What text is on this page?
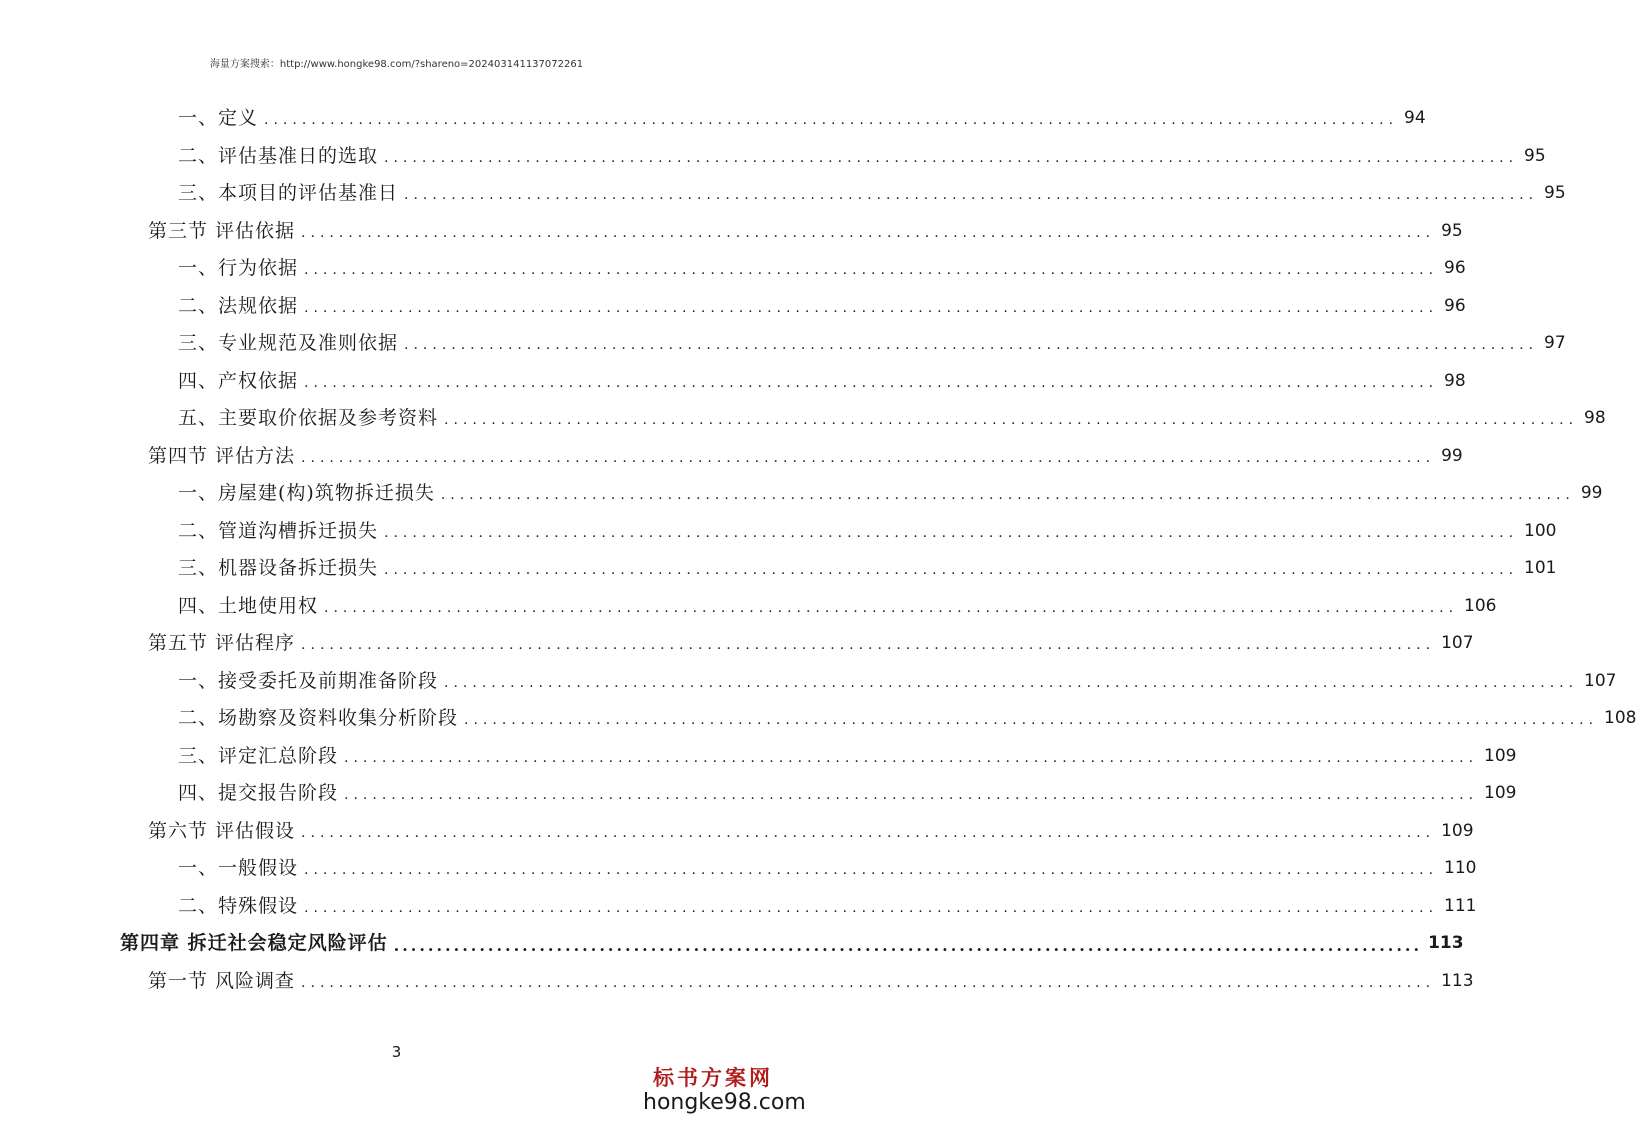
海量方案搜索：http://www.hongke98.com/?shareno=20240314113707226​1
一、定义 ........................................................................................................................ 94
二、评估基准日的选取 ........................................................................................................................ 95
三、本项目的评估基准日 ........................................................................................................................ 95
第三节 评估依据 ........................................................................................................................ 95
一、行为依据 ........................................................................................................................ 96
二、法规依据 ........................................................................................................................ 96
三、专业规范及准则依据 ........................................................................................................................ 97
四、产权依据 ........................................................................................................................ 98
五、主要取价依据及参考资料 ........................................................................................................................ 98
第四节 评估方法 ........................................................................................................................ 99
一、房屋建(构)筑物拆迁损失 ........................................................................................................................ 99
二、管道沟槽拆迁损失 ........................................................................................................................ 100
三、机器设备拆迁损失 ........................................................................................................................ 101
四、土地使用权 ........................................................................................................................ 106
第五节 评估程序 ........................................................................................................................ 107
一、接受委托及前期准备阶段 ........................................................................................................................ 107
二、场勘察及资料收集分析阶段 ........................................................................................................................ 108
三、评定汇总阶段 ........................................................................................................................ 109
四、提交报告阶段 ........................................................................................................................ 109
第六节 评估假设 ........................................................................................................................ 109
一、一般假设 ........................................................................................................................ 110
二、特殊假设 ........................................................................................................................ 111
第四章 拆迁社会稳定风险评估 ........................................................................................................................ 113
第一节 风险调查 ........................................................................................................................ 113
3
标书方案网
hongke98.com
